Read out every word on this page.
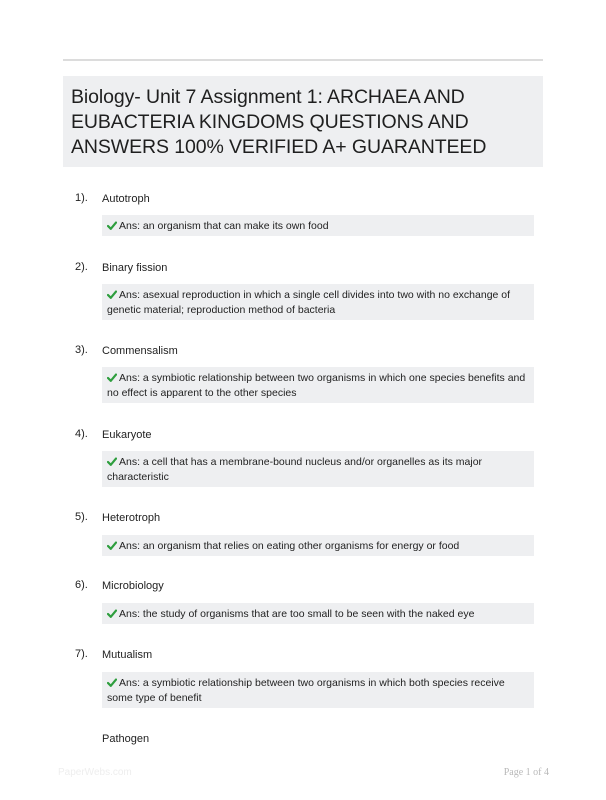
Biology- Unit 7 Assignment 1: ARCHAEA AND EUBACTERIA KINGDOMS QUESTIONS AND ANSWERS 100% VERIFIED A+ GUARANTEED
1). Autotroph
Ans: an organism that can make its own food
2). Binary fission
Ans: asexual reproduction in which a single cell divides into two with no exchange of genetic material; reproduction method of bacteria
3). Commensalism
Ans: a symbiotic relationship between two organisms in which one species benefits and no effect is apparent to the other species
4). Eukaryote
Ans: a cell that has a membrane-bound nucleus and/or organelles as its major characteristic
5). Heterotroph
Ans: an organism that relies on eating other organisms for energy or food
6). Microbiology
Ans: the study of organisms that are too small to be seen with the naked eye
7). Mutualism
Ans: a symbiotic relationship between two organisms in which both species receive some type of benefit
Pathogen
PaperWebs.com	Page 1 of 4
